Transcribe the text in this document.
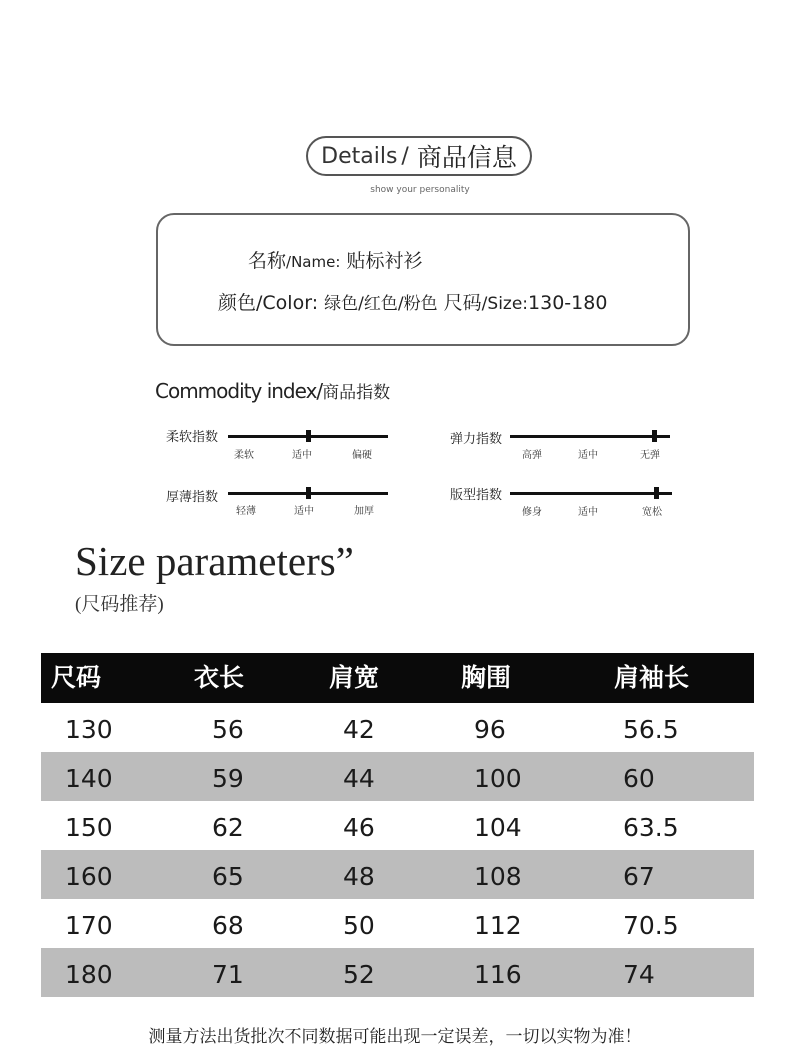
Details / 商品信息
show your personality
名称/Name: 贴标衬衫
颜色/Color: 绿色/红色/粉色 尺码/Size:130-180
Commodity index/商品指数
柔软指数
柔软	适中	偏硬
弹力指数
高弹	适中	无弹
厚薄指数
轻薄	适中	加厚
版型指数
修身	适中	宽松
Size parameters”
(尺码推荐)
尺码	衣长	肩宽	胸围	肩袖长
130	56	42	96	56.5
140	59	44	100	60
150	62	46	104	63.5
160	65	48	108	67
170	68	50	112	70.5
180	71	52	116	74
测量方法出货批次不同数据可能出现一定误差，一切以实物为准！
